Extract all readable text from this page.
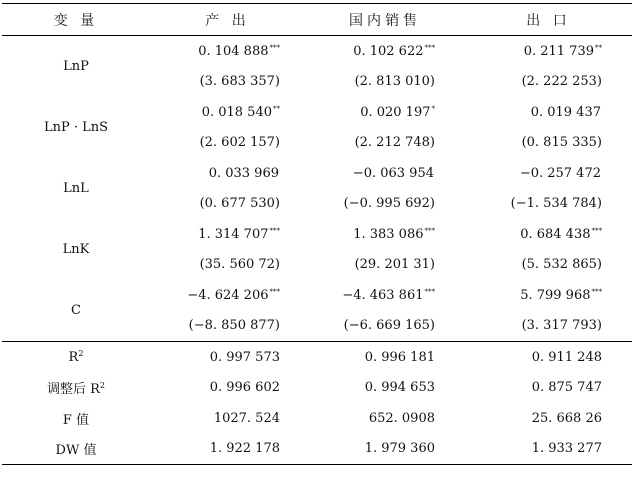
变 量	产 出	国内销售	出 口
LnP	0. 104 888***	0. 102 622***	0. 211 739**
	(3. 683 357)	(2. 813 010)	(2. 222 253)
LnP · LnS	0. 018 540**	0. 020 197*	0. 019 437
	(2. 602 157)	(2. 212 748)	(0. 815 335)
LnL	0. 033 969	−0. 063 954	−0. 257 472
	(0. 677 530)	(−0. 995 692)	(−1. 534 784)
LnK	1. 314 707***	1. 383 086***	0. 684 438***
	(35. 560 72)	(29. 201 31)	(5. 532 865)
C	−4. 624 206***	−4. 463 861***	5. 799 968***
	(−8. 850 877)	(−6. 669 165)	(3. 317 793)
$R^2$	0. 997 573	0. 996 181	0. 911 248
调整后 $R^2$	0. 996 602	0. 994 653	0. 875 747
F 值	1027. 524	652. 0908	25. 668 26
DW 值	1. 922 178	1. 979 360	1. 933 277
